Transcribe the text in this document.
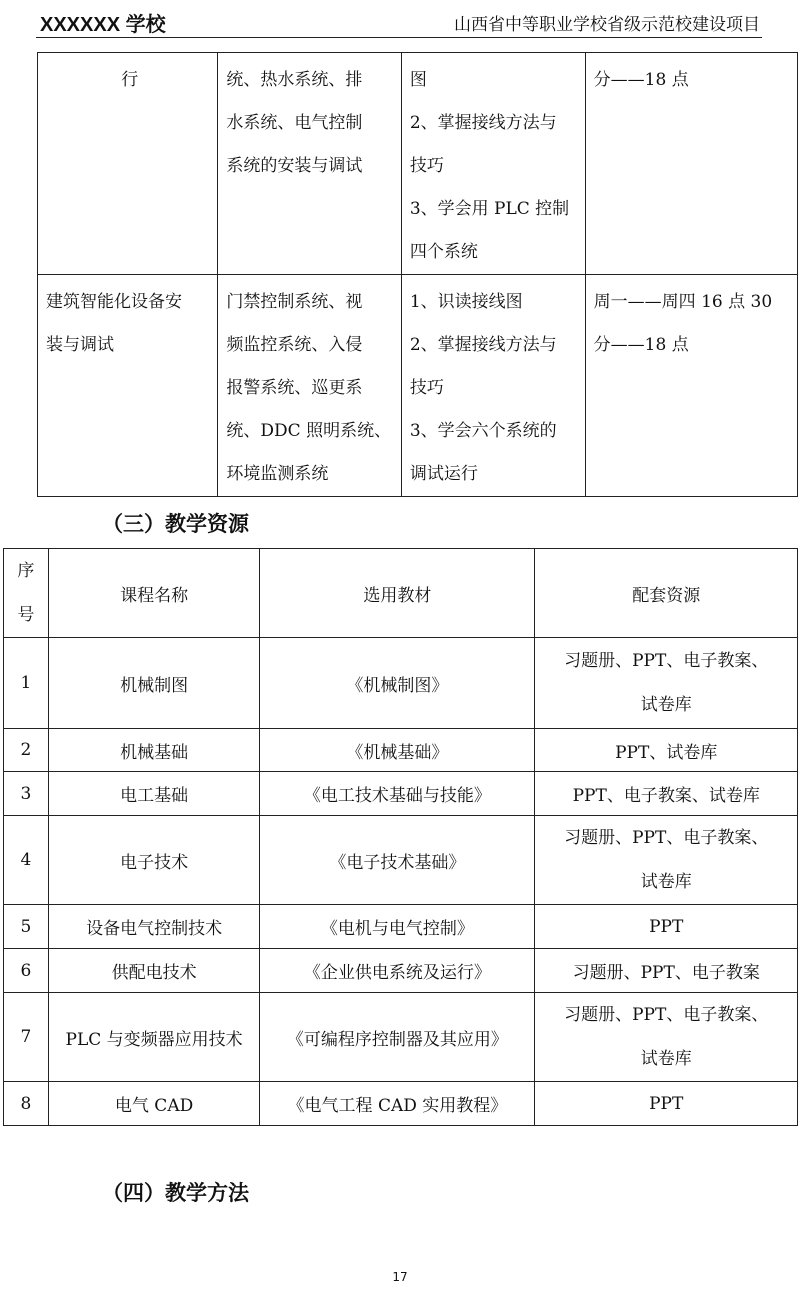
XXXXXX 学校	山西省中等职业学校省级示范校建设项目
行	统、热水系统、排
水系统、电气控制
系统的安装与调试	图
2、掌握接线方法与
技巧
3、学会用 PLC 控制
四个系统	分——18 点

建筑智能化设备安
装与调试	门禁控制系统、视
频监控系统、入侵
报警系统、巡更系
统、DDC 照明系统、
环境监测系统	1、识读接线图
2、掌握接线方法与
技巧
3、学会六个系统的
调试运行	周一——周四 16 点 30
分——18 点
（三）教学资源
序
号	课程名称	选用教材	配套资源
1	机械制图	《机械制图》	习题册、PPT、电子教案、
试卷库

2	机械基础	《机械基础》	PPT、试卷库
3	电工基础	《电工技术基础与技能》	PPT、电子教案、试卷库
4	电子技术	《电子技术基础》	习题册、PPT、电子教案、
试卷库

5	设备电气控制技术	《电机与电气控制》	PPT
6	供配电技术	《企业供电系统及运行》	习题册、PPT、电子教案
7	PLC 与变频器应用技术	《可编程序控制器及其应用》	习题册、PPT、电子教案、
试卷库

8	电气 CAD	《电气工程 CAD 实用教程》	PPT
（四）教学方法
17
